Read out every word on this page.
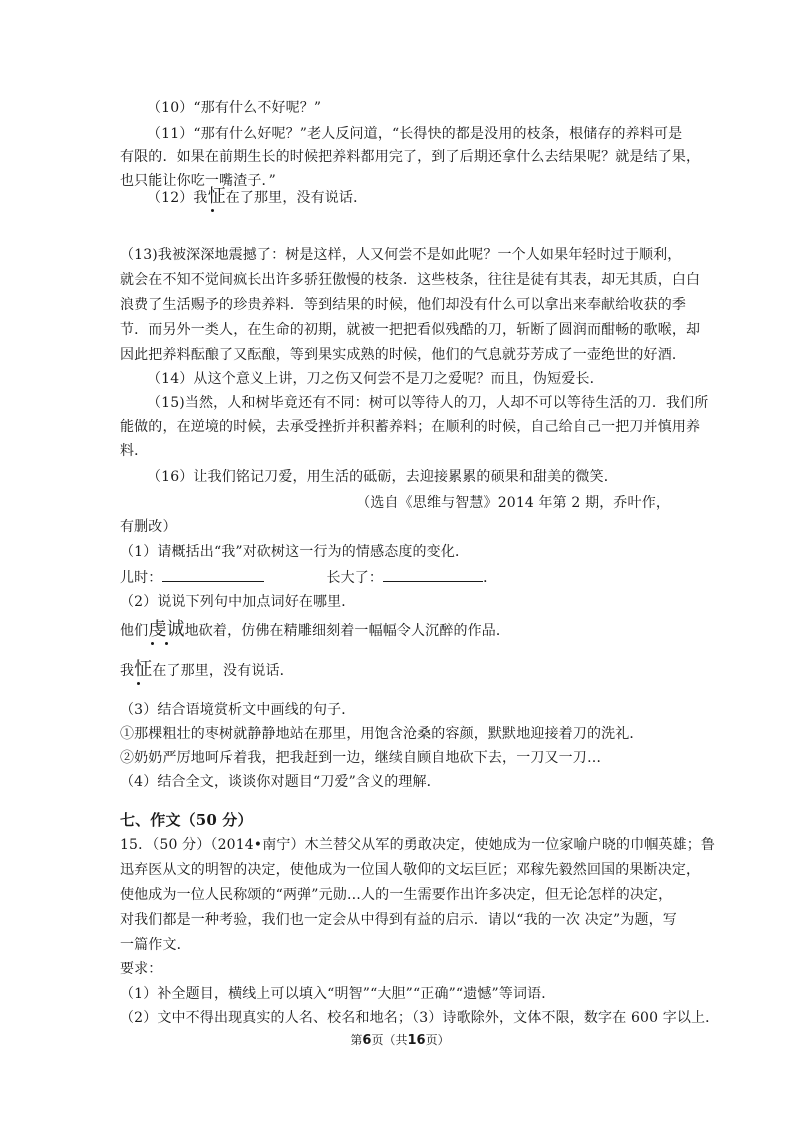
（10）“那有什么不好呢？”
（11）“那有什么好呢？”老人反问道，“长得快的都是没用的枝条，根储存的养料可是
有限的．如果在前期生长的时候把养料都用完了，到了后期还拿什么去结果呢？就是结了果，
也只能让你吃一嘴渣子．”
（12）我怔在了那里，没有说话．
（13)我被深深地震撼了：树是这样，人又何尝不是如此呢？一个人如果年轻时过于顺利，
就会在不知不觉间疯长出许多骄狂傲慢的枝条．这些枝条，往往是徒有其表，却无其质，白白
浪费了生活赐予的珍贵养料．等到结果的时候，他们却没有什么可以拿出来奉献给收获的季
节．而另外一类人，在生命的初期，就被一把把看似残酷的刀，斩断了圆润而酣畅的歌喉，却
因此把养料酝酿了又酝酿，等到果实成熟的时候，他们的气息就芬芳成了一壶绝世的好酒．
（14）从这个意义上讲，刀之伤又何尝不是刀之爱呢？而且，伪短爱长．
（15)当然，人和树毕竟还有不同：树可以等待人的刀，人却不可以等待生活的刀．我们所
能做的，在逆境的时候，去承受挫折并积蓄养料；在顺利的时候，自己给自己一把刀并慎用养
料．
（16）让我们铭记刀爱，用生活的砥砺，去迎接累累的硕果和甜美的微笑．
（选自《思维与智慧》2014 年第 2 期，乔叶作，
有删改）
（1）请概括出“我”对砍树这一行为的情感态度的变化．
儿时：	长大了：	．
（2）说说下列句中加点词好在哪里．
他们虔诚地砍着，仿佛在精雕细刻着一幅幅令人沉醉的作品．
我怔在了那里，没有说话．
（3）结合语境赏析文中画线的句子．
①那棵粗壮的枣树就静静地站在那里，用饱含沧桑的容颜，默默地迎接着刀的洗礼．
②奶奶严厉地呵斥着我，把我赶到一边，继续自顾自地砍下去，一刀又一刀…
（4）结合全文，谈谈你对题目“刀爱”含义的理解．
七、作文（50 分）
15．（50 分）（2014•南宁）木兰替父从军的勇敢决定，使她成为一位家喻户晓的巾帼英雄；鲁
迅弃医从文的明智的决定，使他成为一位国人敬仰的文坛巨匠；邓稼先毅然回国的果断决定，
使他成为一位人民称颂的“两弹”元勋…人的一生需要作出许多决定，但无论怎样的决定，
对我们都是一种考验，我们也一定会从中得到有益的启示．请以“我的一次 决定”为题，写
一篇作文．
要求：
（1）补全题目，横线上可以填入“明智”“大胆”“正确”“遗憾”等词语．
（2）文中不得出现真实的人名、校名和地名；（3）诗歌除外，文体不限，数字在 600 字以上．
第6页（共16页）
